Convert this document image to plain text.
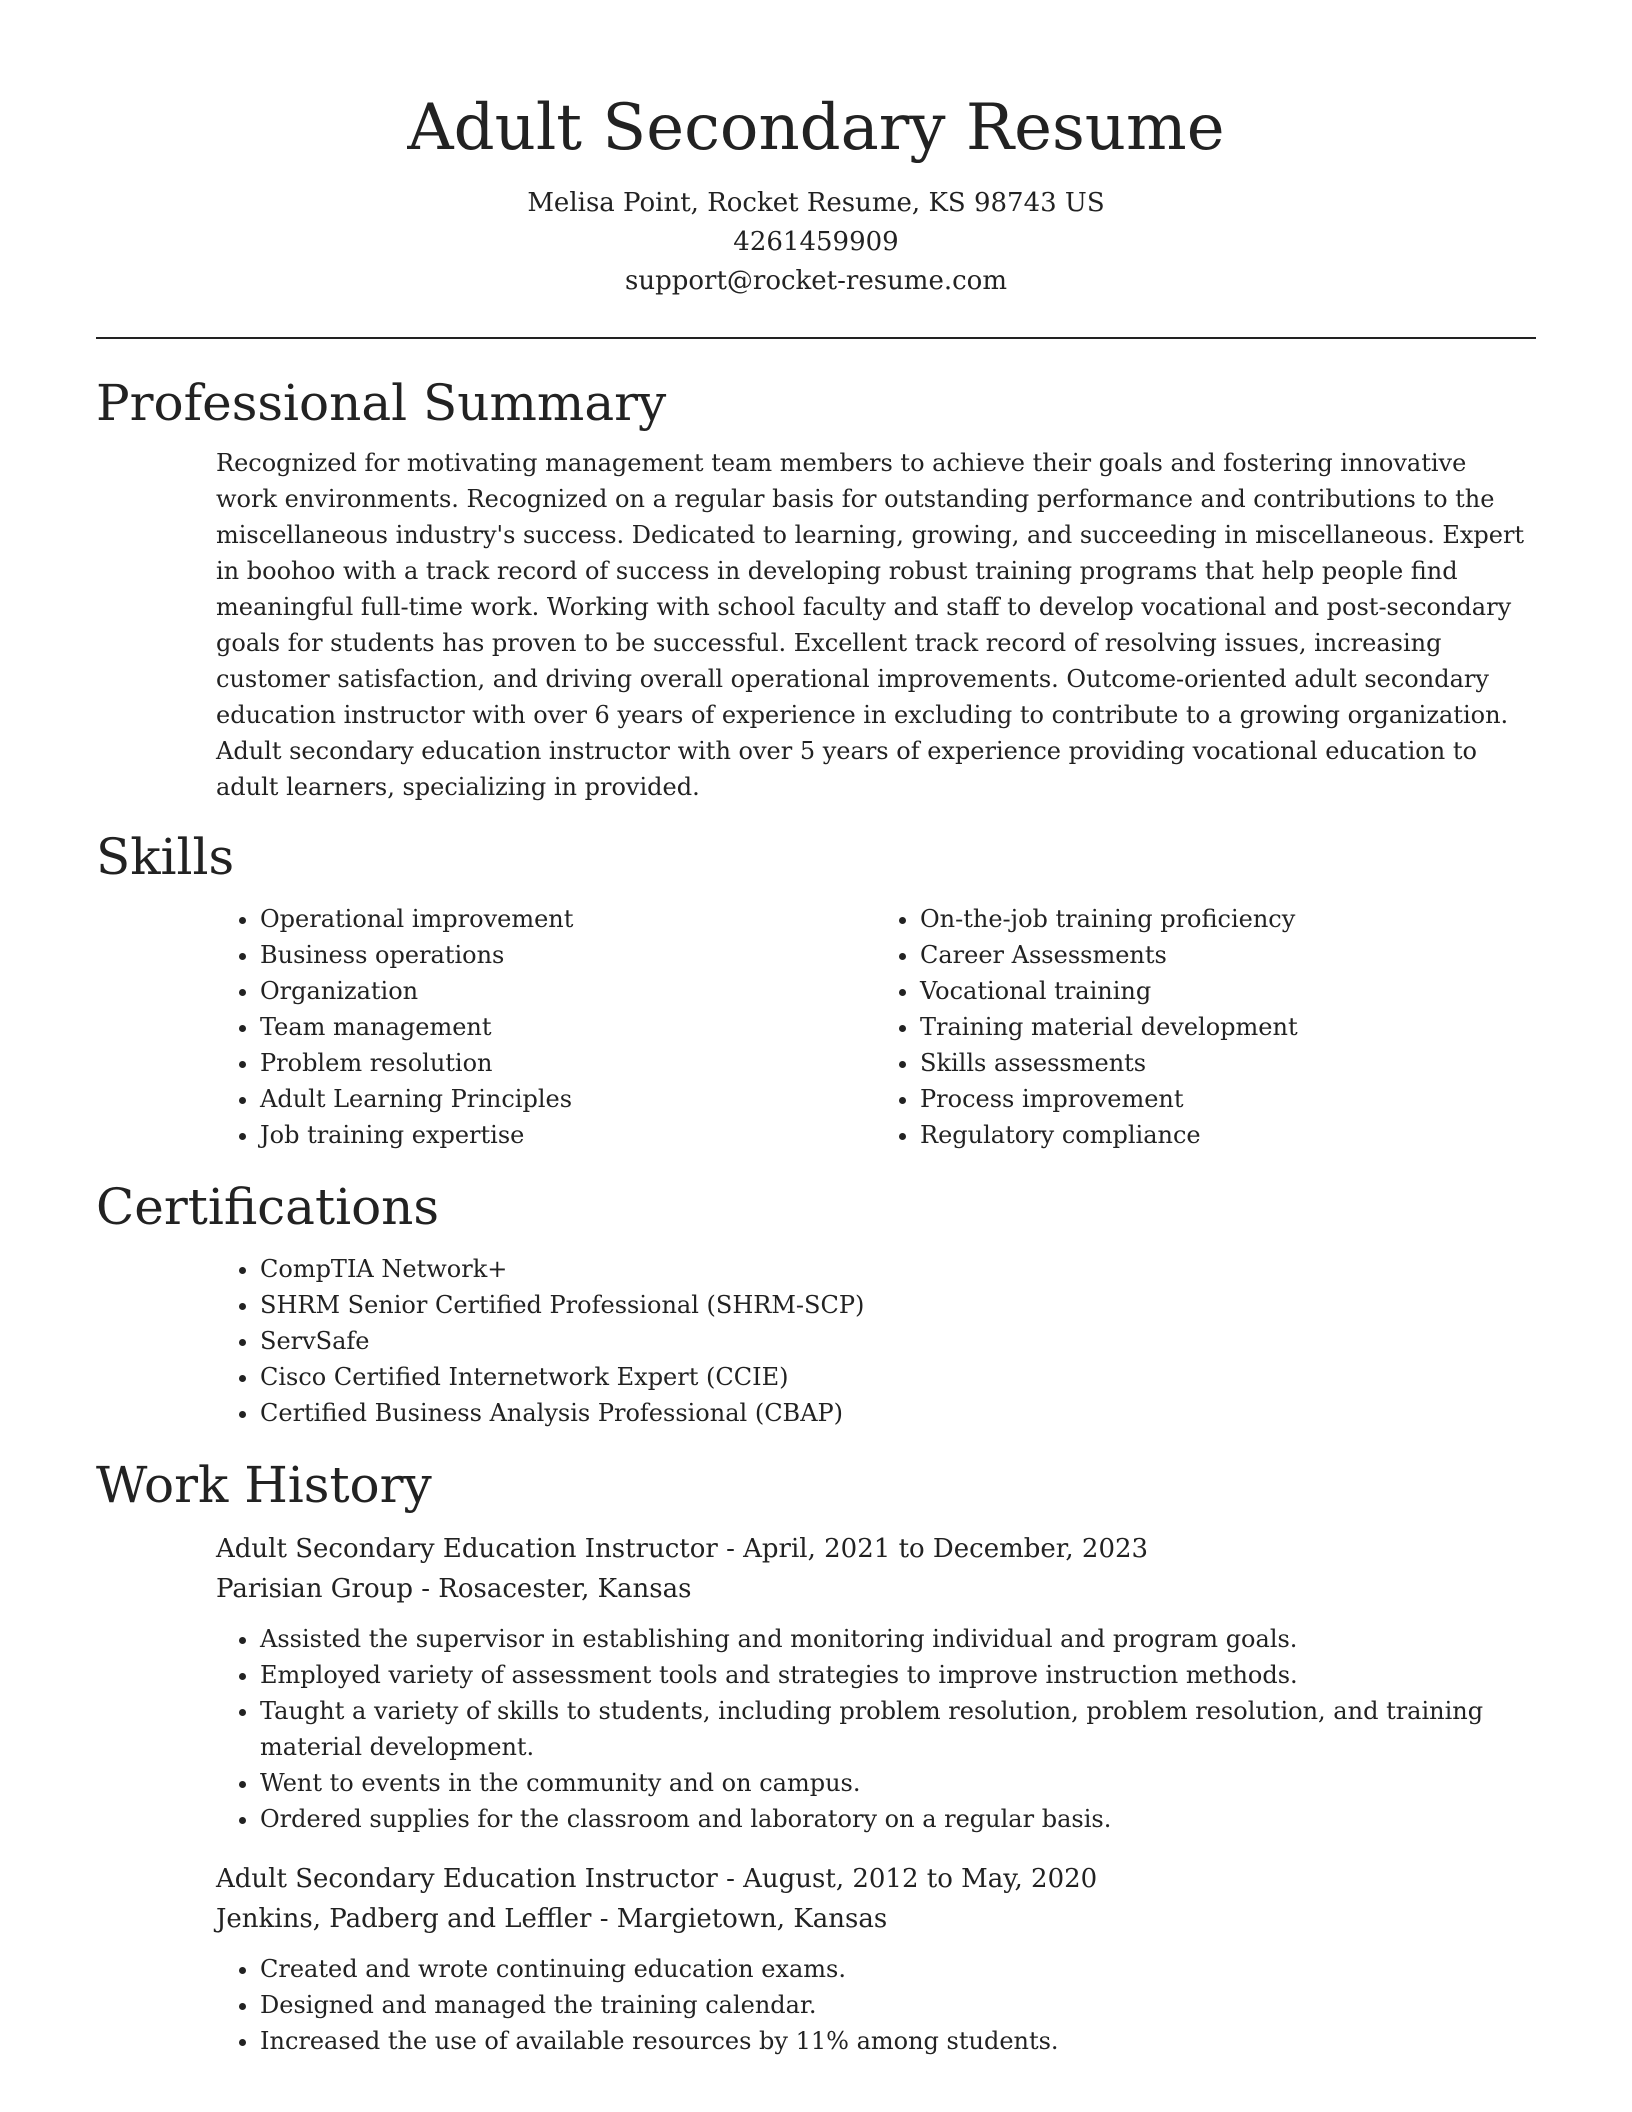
Adult Secondary Resume

Melisa Point, Rocket Resume, KS 98743 US

4261459909

support@rocket-resume.com

Professional Summary

Recognized for motivating management team members to achieve their goals and fostering innovative work environments. Recognized on a regular basis for outstanding performance and contributions to the miscellaneous industry's success. Dedicated to learning, growing, and succeeding in miscellaneous. Expert in boohoo with a track record of success in developing robust training programs that help people find meaningful full-time work. Working with school faculty and staff to develop vocational and post-secondary goals for students has proven to be successful. Excellent track record of resolving issues, increasing customer satisfaction, and driving overall operational improvements. Outcome-oriented adult secondary education instructor with over 6 years of experience in excluding to contribute to a growing organization. Adult secondary education instructor with over 5 years of experience providing vocational education to adult learners, specializing in provided.

Skills
• Operational improvement
• Business operations
• Organization
• Team management
• Problem resolution
• Adult Learning Principles
• Job training expertise
• On-the-job training proficiency
• Career Assessments
• Vocational training
• Training material development
• Skills assessments
• Process improvement
• Regulatory compliance
Certifications
• CompTIA Network+
• SHRM Senior Certified Professional (SHRM-SCP)
• ServSafe
• Cisco Certified Internetwork Expert (CCIE)
• Certified Business Analysis Professional (CBAP)
Work History

Adult Secondary Education Instructor - April, 2021 to December, 2023

Parisian Group - Rosacester, Kansas

• Assisted the supervisor in establishing and monitoring individual and program goals.
• Employed variety of assessment tools and strategies to improve instruction methods.
• Taught a variety of skills to students, including problem resolution, problem resolution, and training material development.
• Went to events in the community and on campus.
• Ordered supplies for the classroom and laboratory on a regular basis.

Adult Secondary Education Instructor - August, 2012 to May, 2020

Jenkins, Padberg and Leffler - Margietown, Kansas

• Created and wrote continuing education exams.
• Designed and managed the training calendar.
• Increased the use of available resources by 11% among students.
